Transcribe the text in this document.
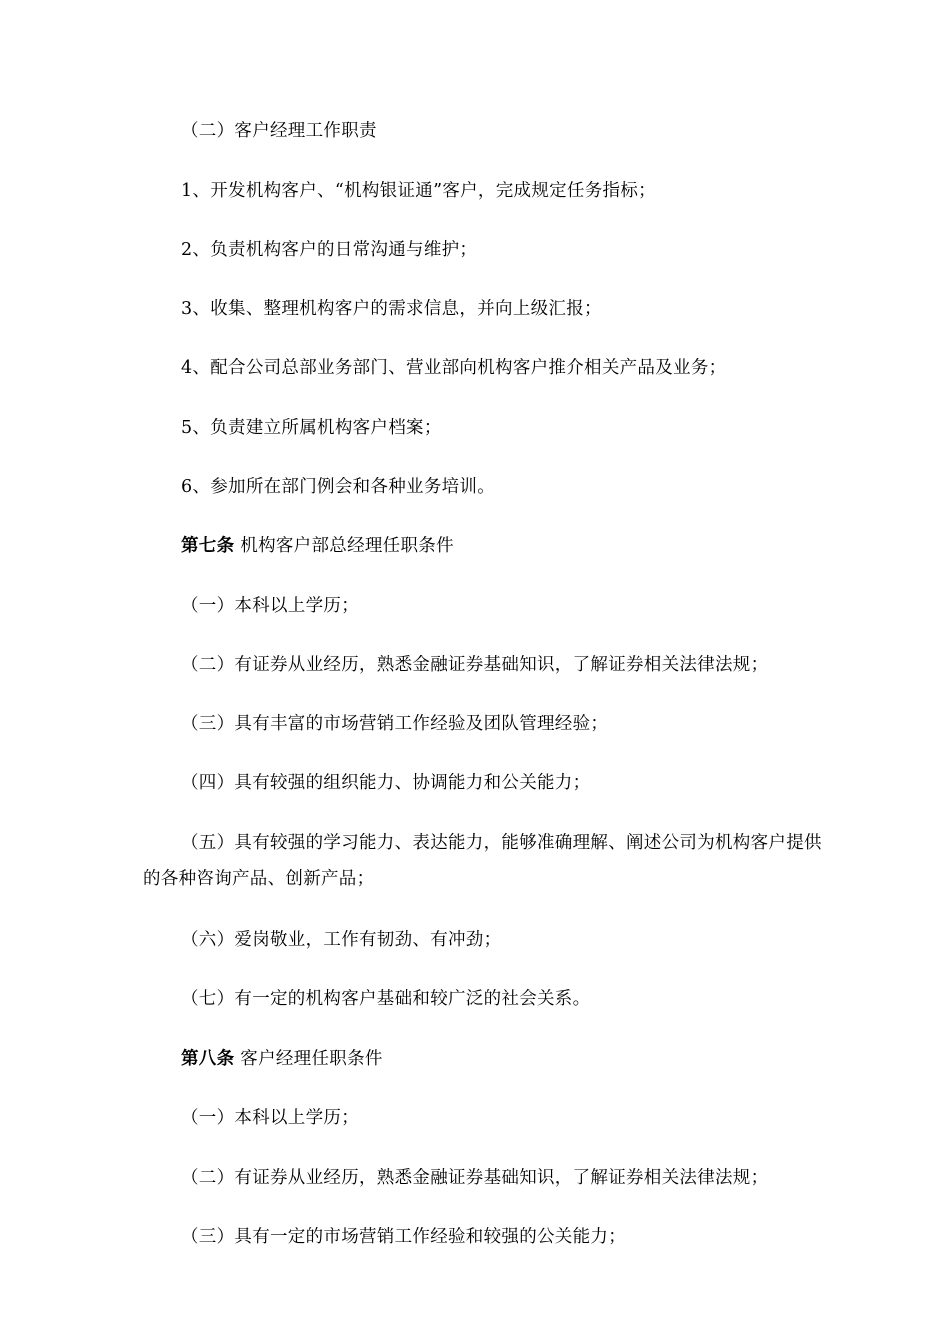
（二）客户经理工作职责
1、开发机构客户、“机构银证通”客户，完成规定任务指标；
2、负责机构客户的日常沟通与维护；
3、收集、整理机构客户的需求信息，并向上级汇报；
4、配合公司总部业务部门、营业部向机构客户推介相关产品及业务；
5、负责建立所属机构客户档案；
6、参加所在部门例会和各种业务培训。
第七条 机构客户部总经理任职条件
（一）本科以上学历；
（二）有证券从业经历，熟悉金融证券基础知识，了解证券相关法律法规；
（三）具有丰富的市场营销工作经验及团队管理经验；
（四）具有较强的组织能力、协调能力和公关能力；
（五）具有较强的学习能力、表达能力，能够准确理解、阐述公司为机构客户提供的各种咨询产品、创新产品；
（六）爱岗敬业，工作有韧劲、有冲劲；
（七）有一定的机构客户基础和较广泛的社会关系。
第八条 客户经理任职条件
（一）本科以上学历；
（二）有证券从业经历，熟悉金融证券基础知识，了解证券相关法律法规；
（三）具有一定的市场营销工作经验和较强的公关能力；
